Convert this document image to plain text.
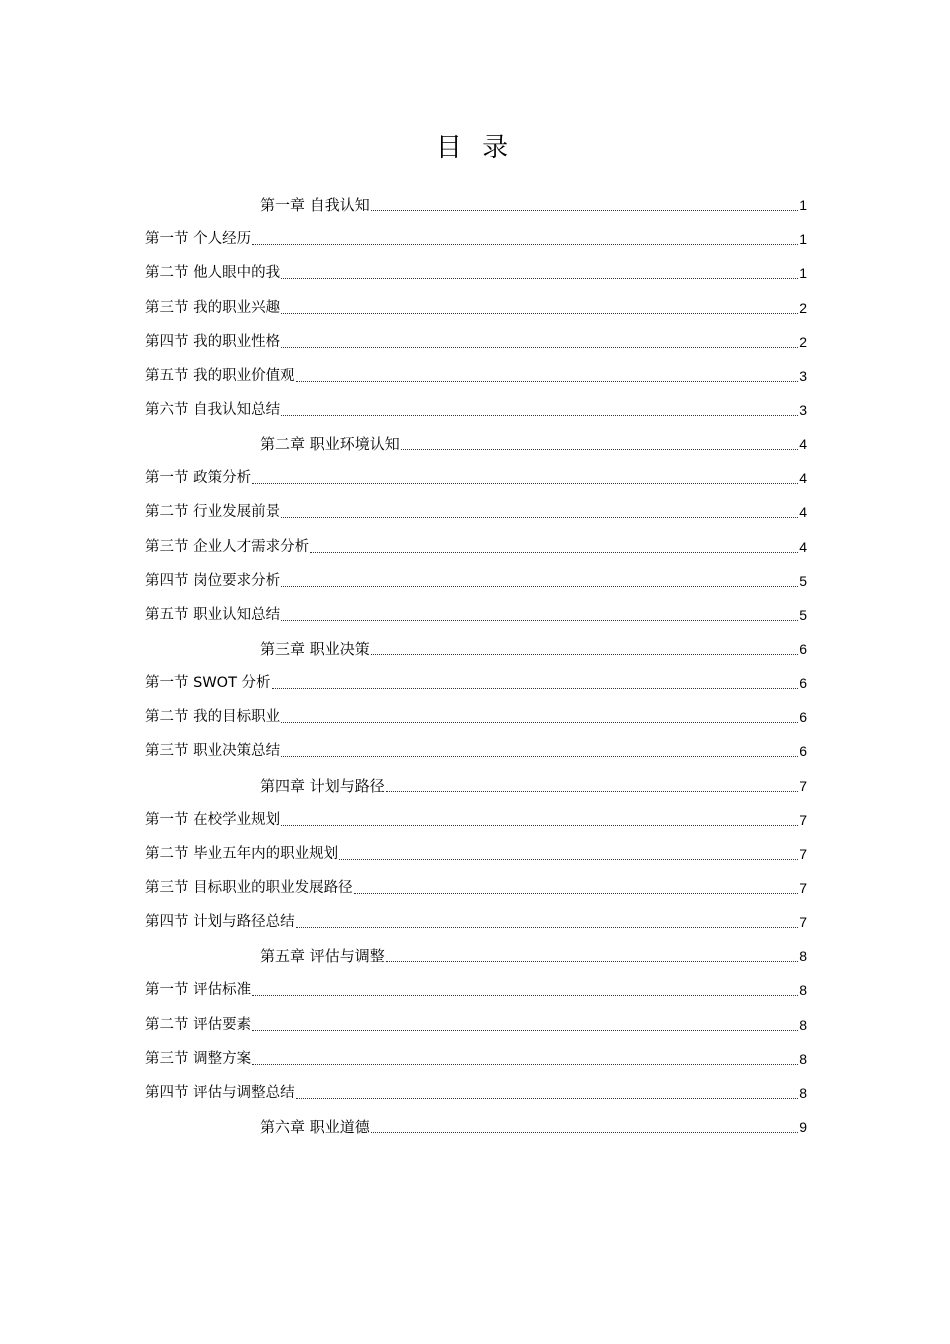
目 录
第一章 自我认知	1
第一节 个人经历	1
第二节 他人眼中的我	1
第三节 我的职业兴趣	2
第四节 我的职业性格	2
第五节 我的职业价值观	3
第六节 自我认知总结	3
第二章 职业环境认知	4
第一节 政策分析	4
第二节 行业发展前景	4
第三节 企业人才需求分析	4
第四节 岗位要求分析	5
第五节 职业认知总结	5
第三章 职业决策	6
第一节 SWOT 分析	6
第二节 我的目标职业	6
第三节 职业决策总结	6
第四章 计划与路径	7
第一节 在校学业规划	7
第二节 毕业五年内的职业规划	7
第三节 目标职业的职业发展路径	7
第四节 计划与路径总结	7
第五章 评估与调整	8
第一节 评估标准	8
第二节 评估要素	8
第三节 调整方案	8
第四节 评估与调整总结	8
第六章 职业道德	9
